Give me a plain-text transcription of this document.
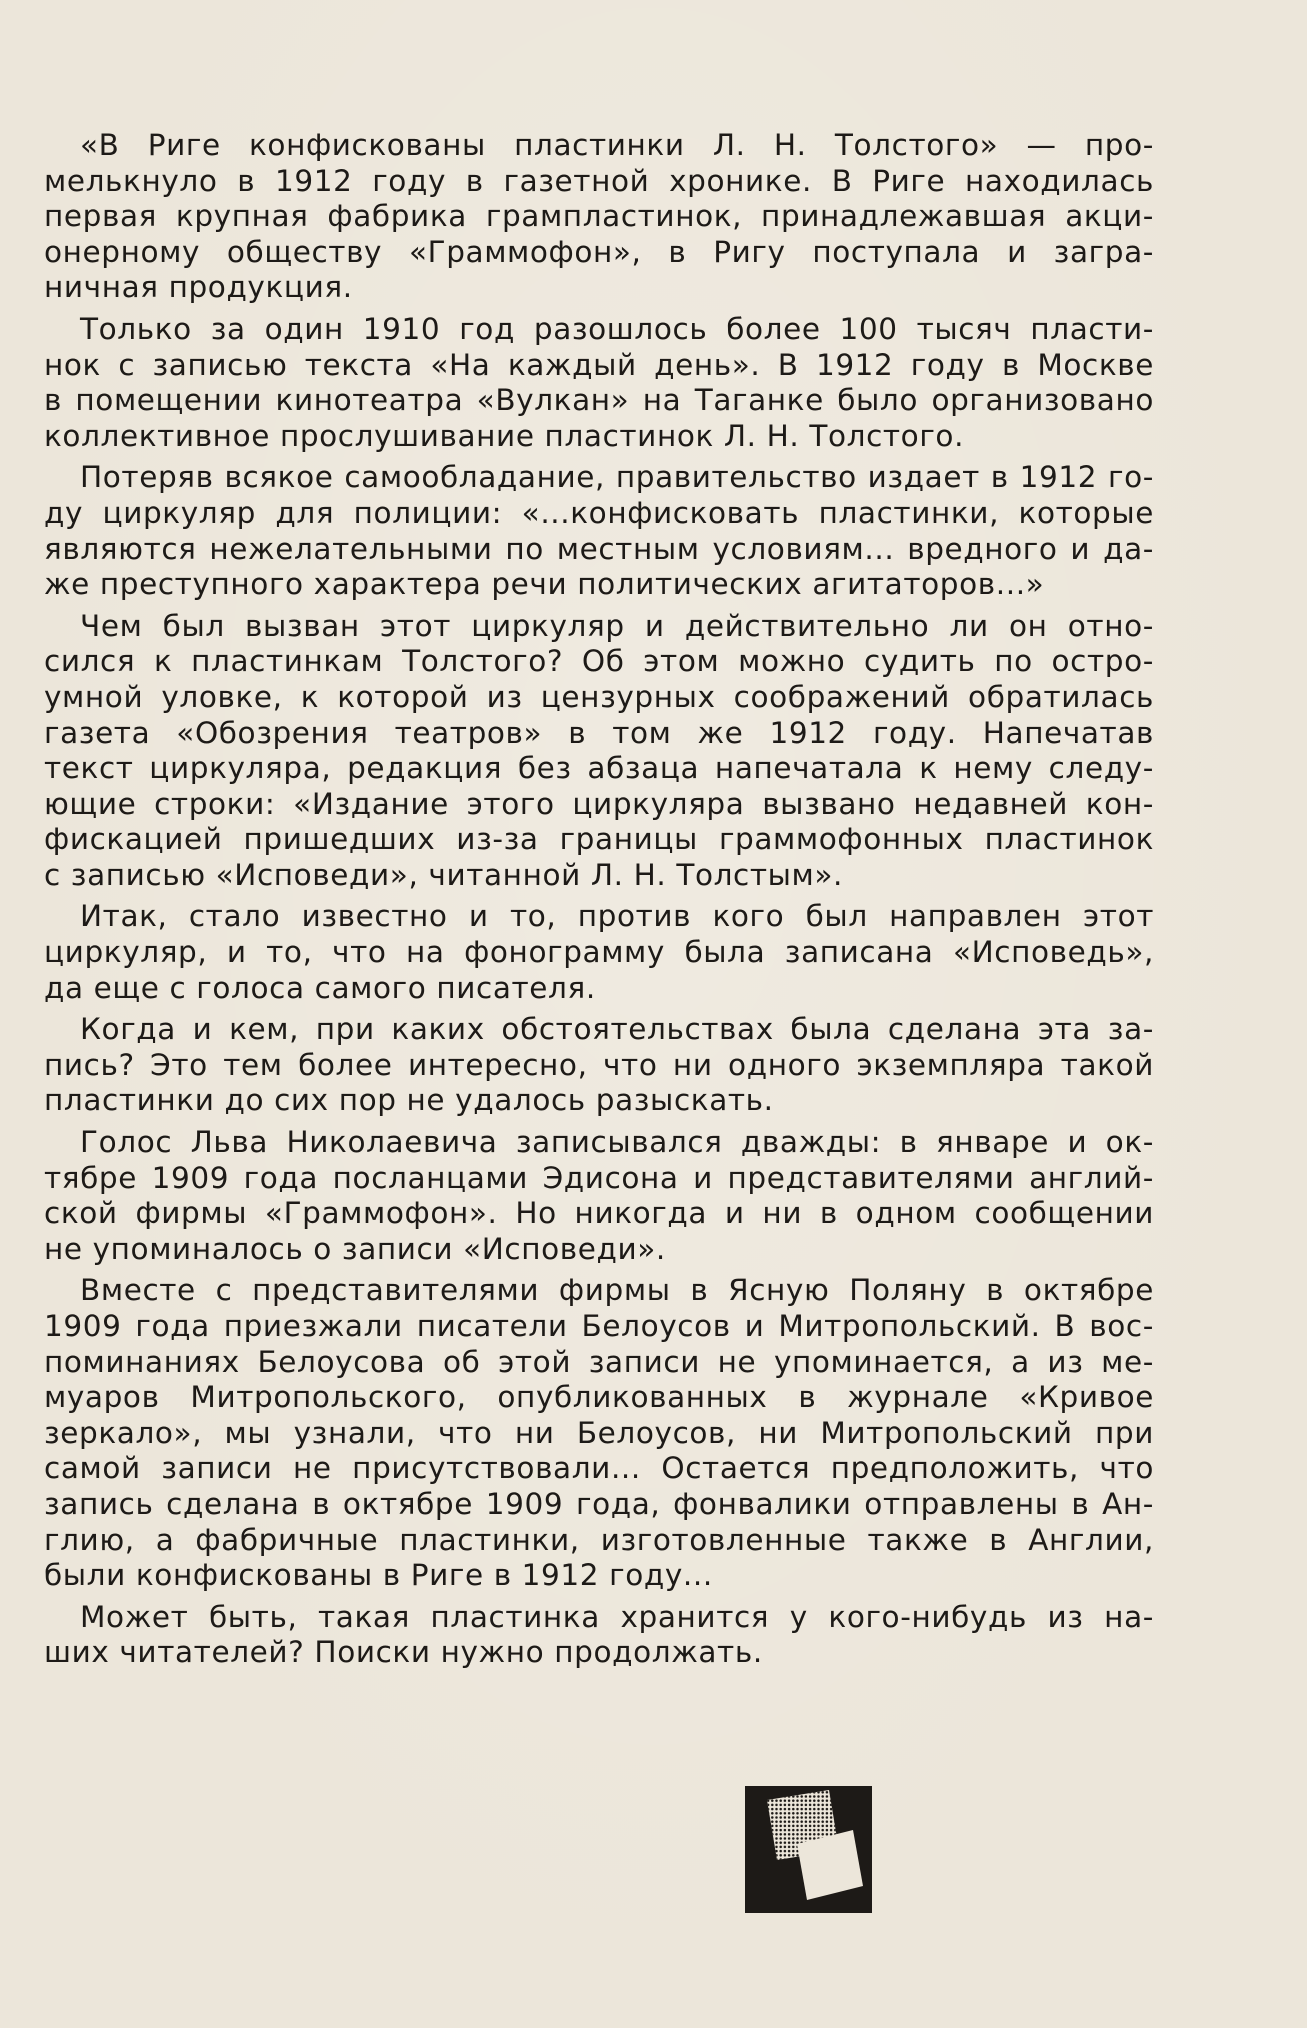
«В Риге конфискованы пластинки Л. Н. Толстого» — про-
мелькнуло в 1912 году в газетной хронике. В Риге находилась
первая крупная фабрика грампластинок, принадлежавшая акци-
онерному обществу «Граммофон», в Ригу поступала и загра-
ничная продукция.
Только за один 1910 год разошлось более 100 тысяч пласти-
нок с записью текста «На каждый день». В 1912 году в Москве
в помещении кинотеатра «Вулкан» на Таганке было организовано
коллективное прослушивание пластинок Л. Н. Толстого.
Потеряв всякое самообладание, правительство издает в 1912 го-
ду циркуляр для полиции: «...конфисковать пластинки, которые
являются нежелательными по местным условиям... вредного и да-
же преступного характера речи политических агитаторов...»
Чем был вызван этот циркуляр и действительно ли он отно-
сился к пластинкам Толстого? Об этом можно судить по остро-
умной уловке, к которой из цензурных соображений обратилась
газета «Обозрения театров» в том же 1912 году. Напечатав
текст циркуляра, редакция без абзаца напечатала к нему следу-
ющие строки: «Издание этого циркуляра вызвано недавней кон-
фискацией пришедших из-за границы граммофонных пластинок
с записью «Исповеди», читанной Л. Н. Толстым».
Итак, стало известно и то, против кого был направлен этот
циркуляр, и то, что на фонограмму была записана «Исповедь»,
да еще с голоса самого писателя.
Когда и кем, при каких обстоятельствах была сделана эта за-
пись? Это тем более интересно, что ни одного экземпляра такой
пластинки до сих пор не удалось разыскать.
Голос Льва Николаевича записывался дважды: в январе и ок-
тябре 1909 года посланцами Эдисона и представителями англий-
ской фирмы «Граммофон». Но никогда и ни в одном сообщении
не упоминалось о записи «Исповеди».
Вместе с представителями фирмы в Ясную Поляну в октябре
1909 года приезжали писатели Белоусов и Митропольский. В вос-
поминаниях Белоусова об этой записи не упоминается, а из ме-
муаров Митропольского, опубликованных в журнале «Кривое
зеркало», мы узнали, что ни Белоусов, ни Митропольский при
самой записи не присутствовали... Остается предположить, что
запись сделана в октябре 1909 года, фонвалики отправлены в Ан-
глию, а фабричные пластинки, изготовленные также в Англии,
были конфискованы в Риге в 1912 году...
Может быть, такая пластинка хранится у кого-нибудь из на-
ших читателей? Поиски нужно продолжать.
